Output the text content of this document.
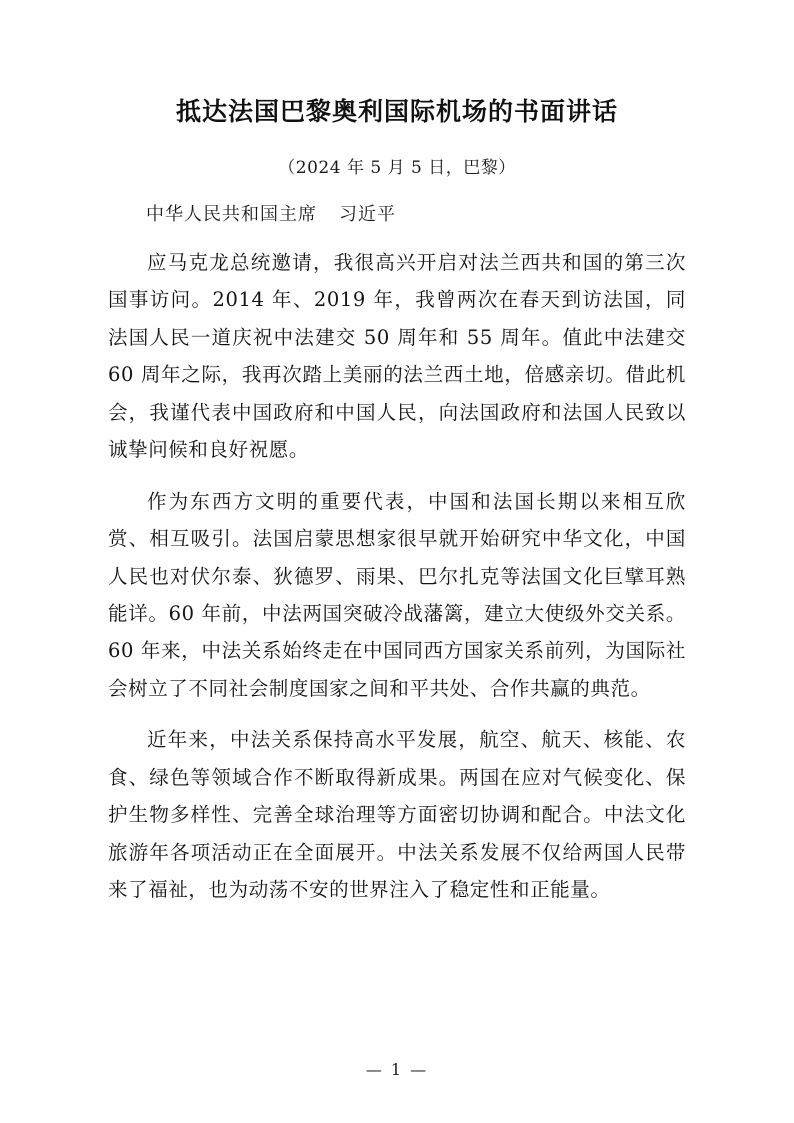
抵达法国巴黎奥利国际机场的书面讲话
（2024 年 5 月 5 日，巴黎）
中华人民共和国主席 习近平

应马克龙总统邀请，我很高兴开启对法兰西共和国的第三次国事访问。2014 年、2019 年，我曾两次在春天到访法国，同法国人民一道庆祝中法建交 50 周年和 55 周年。值此中法建交 60 周年之际，我再次踏上美丽的法兰西土地，倍感亲切。借此机会，我谨代表中国政府和中国人民，向法国政府和法国人民致以诚挚问候和良好祝愿。

作为东西方文明的重要代表，中国和法国长期以来相互欣赏、相互吸引。法国启蒙思想家很早就开始研究中华文化，中国人民也对伏尔泰、狄德罗、雨果、巴尔扎克等法国文化巨擘耳熟能详。60 年前，中法两国突破冷战藩篱，建立大使级外交关系。60 年来，中法关系始终走在中国同西方国家关系前列，为国际社会树立了不同社会制度国家之间和平共处、合作共赢的典范。

近年来，中法关系保持高水平发展，航空、航天、核能、农食、绿色等领域合作不断取得新成果。两国在应对气候变化、保护生物多样性、完善全球治理等方面密切协调和配合。中法文化旅游年各项活动正在全面展开。中法关系发展不仅给两国人民带来了福祉，也为动荡不安的世界注入了稳定性和正能量。

— 1 —
